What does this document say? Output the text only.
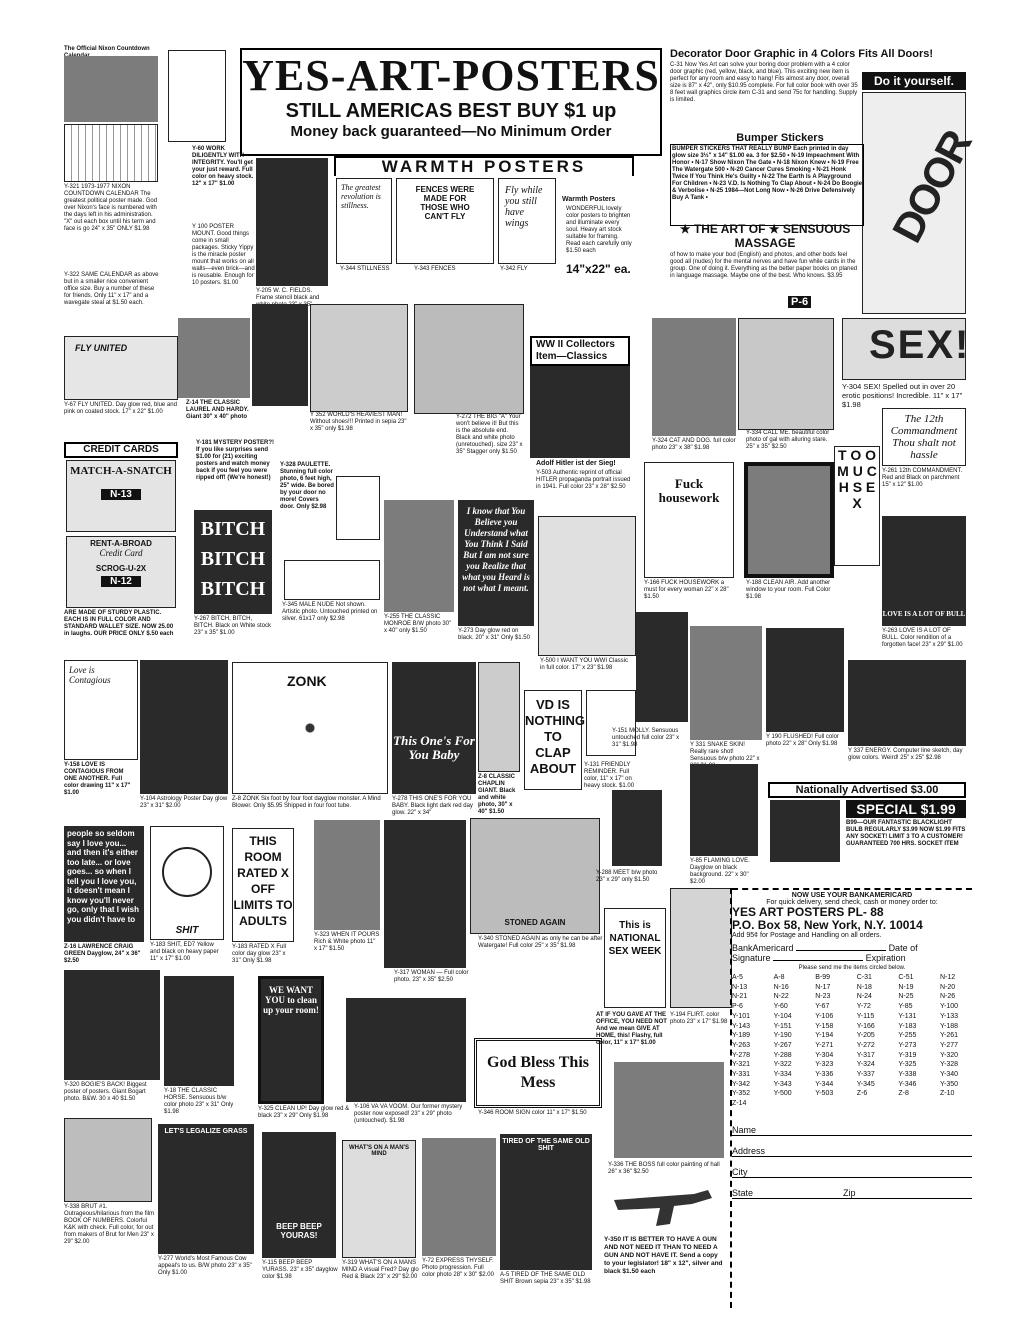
YES-ART-POSTERS
STILL AMERICAS BEST BUY $1 up
Money back guaranteed—No Minimum Order
The Official Nixon Countdown
Y-321 1973-1977 NIXON COUNTDOWN CALENDAR The greatest political poster made. God over Nixon's face is numbered with the days left in his administration. "X" out each box until his term and face is go 24" x 35" ONLY $1.98
Y-322 SAME CALENDAR as above but in a smaller nice convenient office size. Buy a number of these for friends. Only 11" x 17" and a wavegate steal at $1.50 each.
Y-60 WORK DILIGENTLY WITH INTEGRITY. You'll get your just reward. Full color on heavy stock. 12" x 17" $1.00
Y 100 POSTER MOUNT. Good things come in small packages. Sticky Yippy is the miracle poster mount that works on all walls—even brick—and is reusable. Enough for 10 posters. $1.00
Y-205 W. C. FIELDS. Frame stencil black and
WARMTH POSTERS
The greatest revolution is stillness.
FENCES WERE MADE FOR THOSE WHO CAN'T FLY
Fly while you still have wings
Y-344 STILLNESS	Y-343 FENCES	Y-342 FLY
Warmth Posters
WONDERFUL lovely color posters to brighten and illuminate every soul. Heavy art stock suitable for framing. Read each carefully only $1.50 each
14"x22" ea.
Decorator Door Graphic in 4 Colors Fits All Doors!
C-31 Now Yes Art can solve your boring door problem with a 4 color door graphic (red, yellow, black, and blue). This exciting new item is perfect for any room and easy to hang! Fits almost any door, overall size is 87" x 42", only $10.95 complete. For full color book with over 35 8 feet wall graphics circle item C-31 and send 75c for handling. Supply is limited.
Do it yourself.
DOOR
Bumper Stickers
BUMPER STICKERS THAT REALLY BUMP Each printed in day glow size 3½" x 14" $1.00 ea. 3 for $2.50 • N-19 Impeachment With Honor • N-17 Show Nixon The Gate • N-18 Nixon Knew • N-19 Free The Watergate 500 • N-20 Cancer Cures Smoking • N-21 Honk Twice If You Think He's Guilty • N-22 The Earth Is A Playground For Children • N-23 V.D. Is Nothing To Clap About • N-24 Do Boogie & Verbolise • N-25 1984—Not Long Now • N-26 Drive Defensively Buy A Tank •
★ THE ART OF ★ SENSUOUS MASSAGE
of how to make your bod (English) and photos, and other bods feel good all (nudes) for the mental nerves and have fun while cards in the group. One of doing it. Everything as the better paper books on planed in language massage. Maybe one of the best. Who knows. $3.95
P-6
FLY UNITED
Y-67 FLY UNITED. Day glow red, blue and pink on coated stock. 17" x 22" $1.00
Z-14 THE CLASSIC LAUREL AND HARDY. Giant 30" x 40" photo	Y 352 WORLD'S HEAVIEST MAN! Without shoes!!! Printed in sepia 23" x 35" only $1.98
Y-272 THE BIG "A" Your won't believe it! But this is the absolute end. Black and white photo (unretouched). size 23" x 35" Stagger only $1.50
WW II Collectors Item—Classics
Adolf Hitler ist der Sieg!
Y-503 Authentic reprint of official HITLER propaganda portrait issued in 1941. Full color 23" x 28" $2.50
Y-324 CAT AND DOG. full color photo 23" x 38" $1.98
Y-334 CALL ME. beautiful color photo of gal with alluring stare. 25" x 35" $2.50
SEX!
Y-304 SEX! Spelled out in over 20 erotic positions! Incredible. 11" x 17" $1.98
CREDIT CARDS
MATCH-A-SNATCH
N-13
RENT-A-BROAD
Credit Card
SCROG-U-2X
N-12
ARE MADE OF STURDY PLASTIC. EACH IS IN FULL COLOR AND STANDARD WALLET SIZE. NOW 25.00 in laughs. OUR PRICE ONLY $.50 each
Y-181 MYSTERY POSTER?! If you like surprises send $1.00 for (21) exciting posters and watch money back if you feel you were ripped off! (We're honest!)
BITCH
BITCH
BITCH
Y-267 BITCH, BITCH, BITCH. Black on White stock 23" x 35" $1.00
Y-328 PAULETTE. Stunning full color photo, 6 feet high, 25" wide. Be bored by your door no more! Covers door. Only $2.98
Y-345 MALE NUDE Not shown. Artistic photo. Untouched printed on silver. 61x17 only $2.98	Y-255 THE CLASSIC MONROE B/W photo 30" x 40" only $1.50
I know that You Believe you Understand what You Think I Said But I am not sure you Realize that what you Heard is not what I meant.
Y-273 Day glow red on black. 20" x 31" Only $1.50
Y-500 I WANT YOU WWI Classic in full color. 17" x 23" $1.98
Fuck housework
Y-166 FUCK HOUSEWORK a must for every woman 22" x 28" $1.50
Y-188 CLEAN AIR. Add another window to your room. Full Color $1.98
T O O M U C H S E X
The 12th Commandment Thou shalt not hassle
Y-261 12th COMMANDMENT. Red and Black on parchment 15" x 12" $1.00
LOVE IS A LOT OF BULL
Y-263 LOVE IS A LOT OF BULL. Color rendition of a forgotten face! 23" x 29" $1.00
Love is Contagious
Y-158 LOVE IS CONTAGIOUS FROM ONE ANOTHER. Full color drawing 11" x 17" $1.00
Y-104 Astrology Poster Day glow 23" x 31" $2.00
ZONK
Z-8 ZONK Six foot by four foot dayglow monster. A Mind Blower. Only $5.95 Shipped in four foot tube.
This One's For You Baby
Y-278 THIS ONE'S FOR YOU BABY. Black light dark red day glow. 22" x 34"
Z-8 CLASSIC CHAPLIN GIANT. Black and white photo, 30" x 40" $1.50
VD IS NOTHING TO CLAP ABOUT	Y-131 FRIENDLY REMINDER. Full color, 11" x 17" on heavy stock. $1.00
Y-151 MOLLY. Sensuous untouched full color 23" x 31" $1.98	Y 331 SNAKE SKIN! Really rare shot! Sensuous b/w photo 22" x
Y 190 FLUSHED! Full color photo 22" x 28" Only $1.98
Y 337 ENERGY. Computer line sketch, day glow colors. Weird! 25" x 25" $2.98
Nationally Advertised $3.00
SPECIAL $1.99
B99—OUR FANTASTIC BLACKLIGHT BULB REGULARLY $3.99 NOW $1.99 FITS ANY SOCKET! LIMIT 3 TO A CUSTOMER! GUARANTEED 700 HRS. SOCKET ITEM
people so seldom say I love you... and then it's either too late... or love goes... so when I tell you I love you, it doesn't mean I know you'll never go, only that I wish you didn't have to
Z-16 LAWRENCE CRAIG GREEN Dayglow, 24" x 36" $2.50
SHIT
Y-183 SHIT, ED7 Yellow and black on heavy paper 11" x 17" $1.00
THIS ROOM RATED X OFF LIMITS TO ADULTS
Y-183 RATED X Full color day glow 23" x 31" Only $1.98
Y-323 WHEN IT POURS Rich & White photo 11" x 17" $1.50
Y-317 WOMAN — Full color photo. 23" x 35" $2.50
STONED AGAIN
Y-340 STONED AGAIN as only he can be after Watergate! Full color 25" x 35" $1.98
This is NATIONAL SEX WEEK
Y-288 MEET b/w photo 23" x 29" only $1.50
Y-85 FLAMING LOVE. Dayglow on black background. 22" x 30" $2.00
Y-320 BOGIE'S BACK! Biggest poster of posters. Giant Bogart photo. B&W. 30 x 40 $1.50
Y-18 THE CLASSIC HORSE. Sensuous b/w color photo 23" x 31" Only $1.98
WE WANT YOU to clean up your room!
Y-325 CLEAN UP! Day glow red & black 23" x 29" Only $1.98
Y-106 VA VA VOOM. Our former mystery poster now exposed! 23" x 29" photo (untouched). $1.98
God Bless This Mess
Y-346 ROOM SIGN color 11" x 17" $1.50
AT IF YOU GAVE AT THE OFFICE, YOU NEED NOT And we mean GIVE AT HOME, this! Flashy, full color, 11" x 17" $1.00
Y-194 FLIRT. color photo 23" x 17" $1.98
Y-338 BRUT #1. Outrageous/hilarious from the film BOOK OF NUMBERS. Colorful K&K with check. Full color, for out from makers of Brut for Men 23" x 29" $2.00
LET'S LEGALIZE GRASS
Y-277 World's Most Famous Cow appeal's to us. B/W photo 23" x 35" Only $1.00
BEEP BEEP YOURAS!
Y-115 BEEP BEEP YURASS. 23" x 35" dayglow color $1.98
WHAT'S ON A MAN'S MIND
Y-319 WHAT'S ON A MANS MIND A visual Fred? Day glo Red & Black 23" x 29" $2.00
Y-72 EXPRESS THYSELF. Photo progression. Full color photo 28" x 30" $2.00
TIRED OF THE SAME OLD SHIT
A-5 TIRED OF THE SAME OLD SHIT Brown sepia 23" x 35" $1.98
Y-336 THE BOSS full color painting of hall 26" x 36" $2.50
Y-350 IT IS BETTER TO HAVE A GUN AND NOT NEED IT THAN TO NEED A GUN AND NOT HAVE IT. Send a copy to your legislator! 18" x 12", silver and black $1.50 each
NOW USE YOUR BANKAMERICARD
For quick delivery, send check, cash or money order to:
YES ART POSTERS PL- 88
P.O. Box 58, New York, N.Y. 10014
Add 95¢ for Postage and Handling on all orders.
BankAmericard	Date of
Signature	Expiration
Please send me the items circled below.
A-5	A-8	B-99	C-31	C-51	N-12
N-13	N-16	N-17	N-18	N-19	N-20
N-21	N-22	N-23	N-24	N-25	N-26
P-6	Y-60	Y-67	Y-72	Y-85	Y-100
Y-101	Y-104	Y-106	Y-115	Y-131	Y-133
Y-143	Y-151	Y-158	Y-166	Y-183	Y-188
Y-189	Y-190	Y-194	Y-205	Y-255	Y-261
Y-263	Y-267	Y-271	Y-272	Y-273	Y-277
Y-278	Y-288	Y-304	Y-317	Y-319	Y-320
Y-321	Y-322	Y-323	Y-324	Y-325	Y-328
Y-331	Y-334	Y-336	Y-337	Y-338	Y-340
Y-342	Y-343	Y-344	Y-345	Y-346	Y-350
Y-352	Y-500	Y-503	Z-6	Z-8	Z-10
Z-14
Name
Address
City
State	Zip
